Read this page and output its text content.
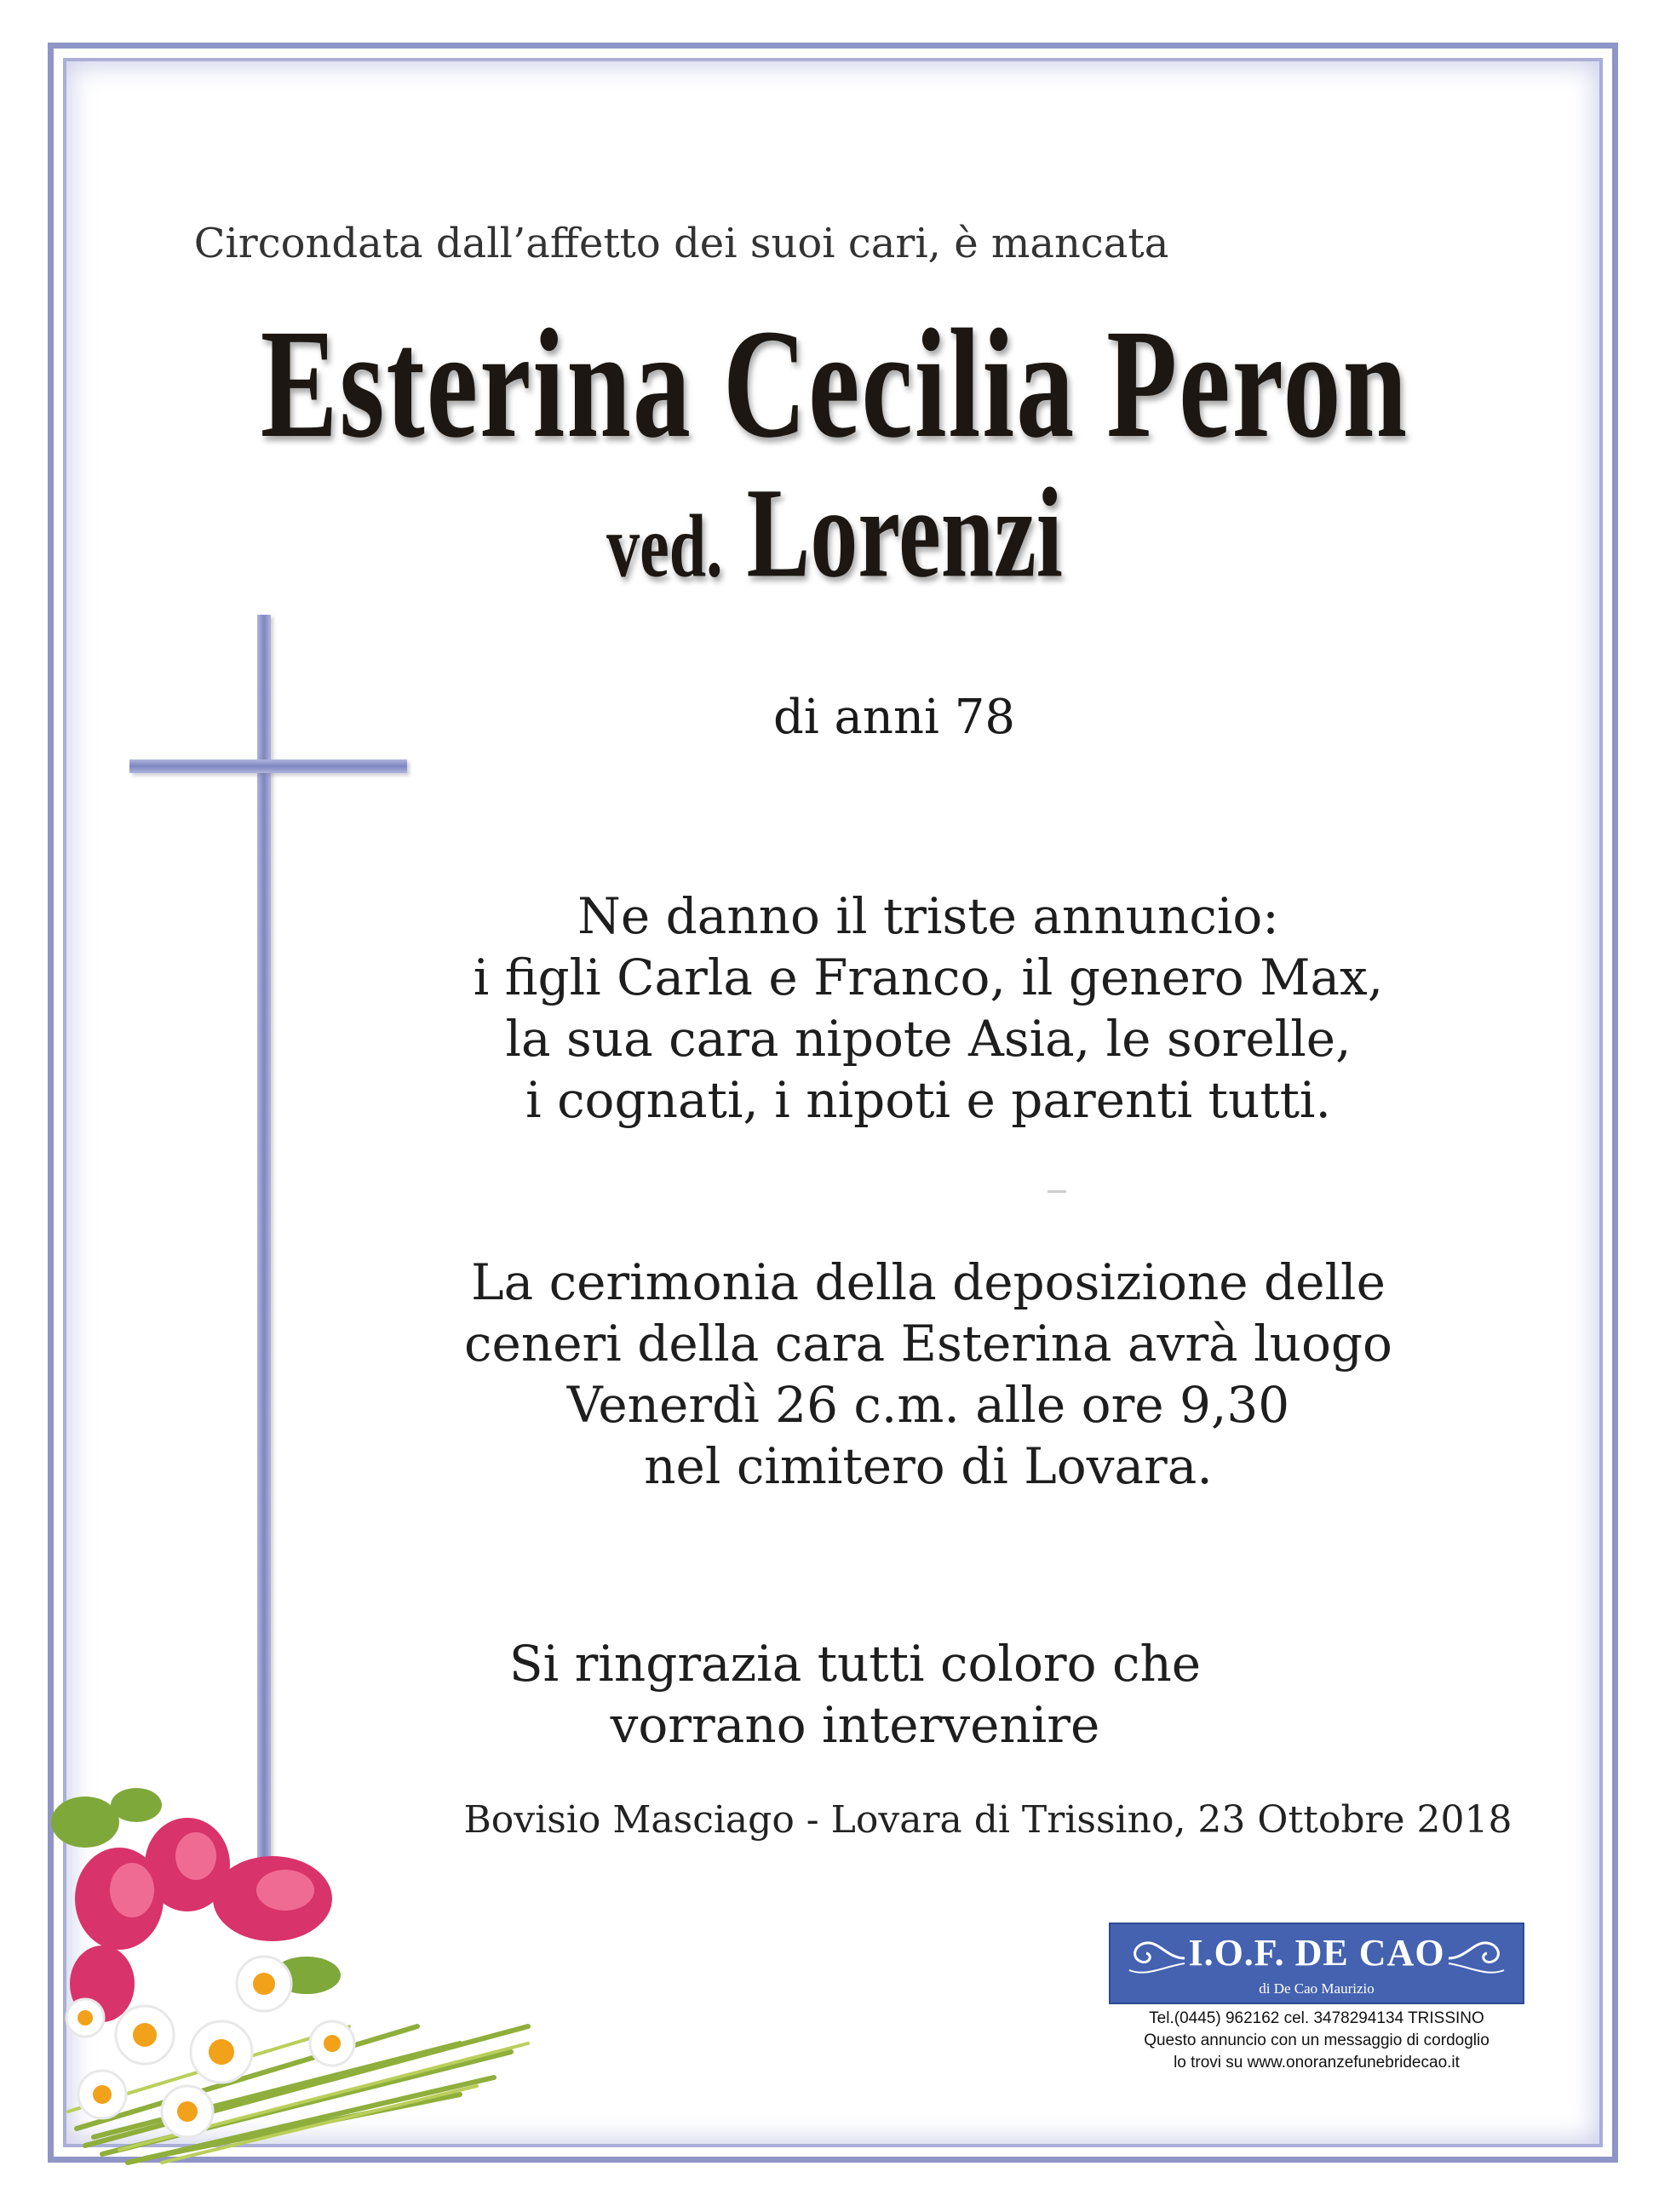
Circondata dall’affetto dei suoi cari, è mancata
Esterina Cecilia Peron
ved. Lorenzi
di anni 78
Ne danno il triste annuncio:
i figli Carla e Franco, il genero Max,
la sua cara nipote Asia, le sorelle,
i cognati, i nipoti e parenti tutti.
La cerimonia della deposizione delle
ceneri della cara Esterina avrà luogo
Venerdì 26 c.m. alle ore 9,30
nel cimitero di Lovara.
Si ringrazia tutti coloro che
vorrano intervenire
Bovisio Masciago - Lovara di Trissino, 23 Ottobre 2018
I.O.F. DE CAO
di De Cao Maurizio
Tel.(0445) 962162 cel. 3478294134 TRISSINO
Questo annuncio con un messaggio di cordoglio
lo trovi su www.onoranzefunebridecao.it
